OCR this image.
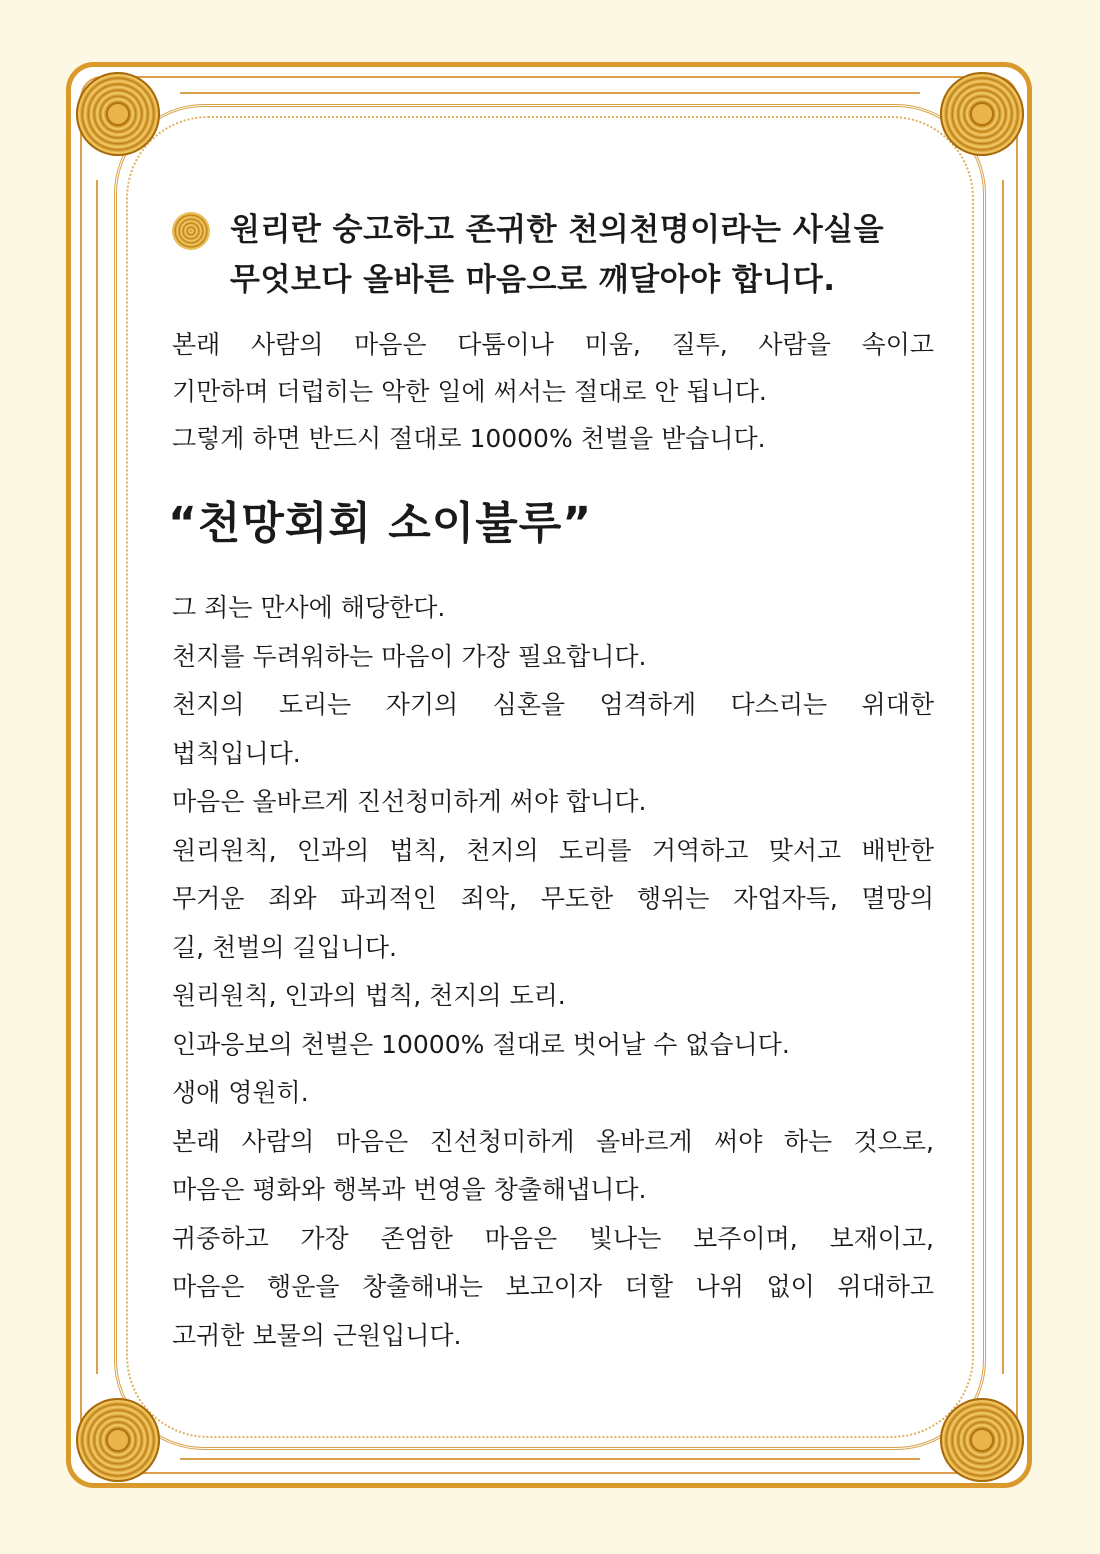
원리란 숭고하고 존귀한 천의천명이라는 사실을
무엇보다 올바른 마음으로 깨달아야 합니다.

본래 사람의 마음은 다툼이나 미움, 질투, 사람을 속이고
기만하며 더럽히는 악한 일에 써서는 절대로 안 됩니다.
그렇게 하면 반드시 절대로 10000% 천벌을 받습니다.

“천망회회 소이불루”

그 죄는 만사에 해당한다.
천지를 두려워하는 마음이 가장 필요합니다.
천지의 도리는 자기의 심혼을 엄격하게 다스리는 위대한
법칙입니다.
마음은 올바르게 진선청미하게 써야 합니다.
원리원칙, 인과의 법칙, 천지의 도리를 거역하고 맞서고 배반한
무거운 죄와 파괴적인 죄악, 무도한 행위는 자업자득, 멸망의
길, 천벌의 길입니다.
원리원칙, 인과의 법칙, 천지의 도리.
인과응보의 천벌은 10000% 절대로 벗어날 수 없습니다.
생애 영원히.
본래 사람의 마음은 진선청미하게 올바르게 써야 하는 것으로,
마음은 평화와 행복과 번영을 창출해냅니다.
귀중하고 가장 존엄한 마음은 빛나는 보주이며, 보재이고,
마음은 행운을 창출해내는 보고이자 더할 나위 없이 위대하고
고귀한 보물의 근원입니다.
